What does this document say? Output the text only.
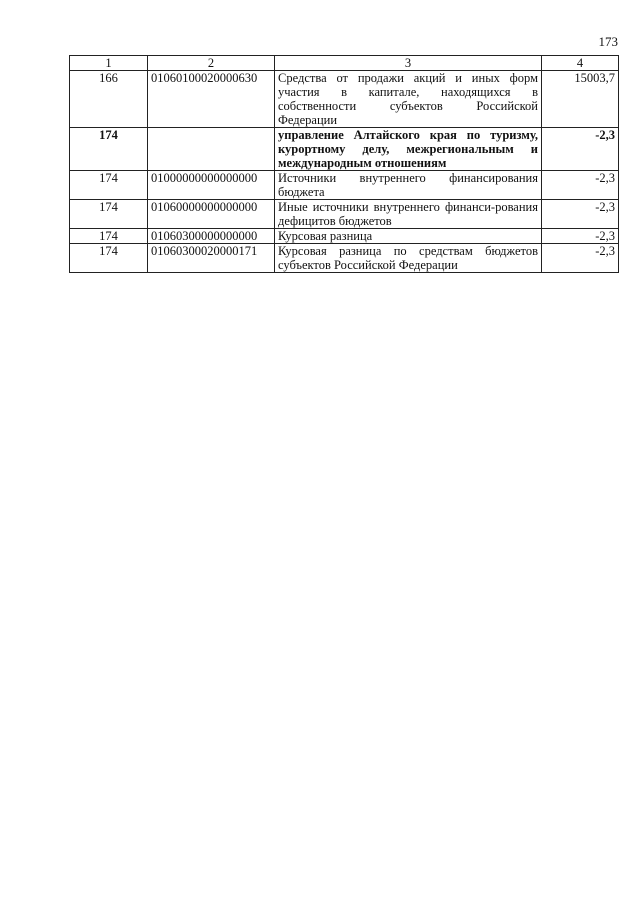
173
1	2	3	4
166	01060100020000630	Средства от продажи акций и иных форм участия в капитале, находящихся в собственности субъектов Российской Федерации	15003,7
174		управление Алтайского края по туризму, курортному делу, межрегиональным и международным отношениям	-2,3
174	01000000000000000	Источники внутреннего финансирования бюджета	-2,3
174	01060000000000000	Иные источники внутреннего финанси-рования дефицитов бюджетов	-2,3
174	01060300000000000	Курсовая разница	-2,3
174	01060300020000171	Курсовая разница по средствам бюджетов субъектов Российской Федерации	-2,3
